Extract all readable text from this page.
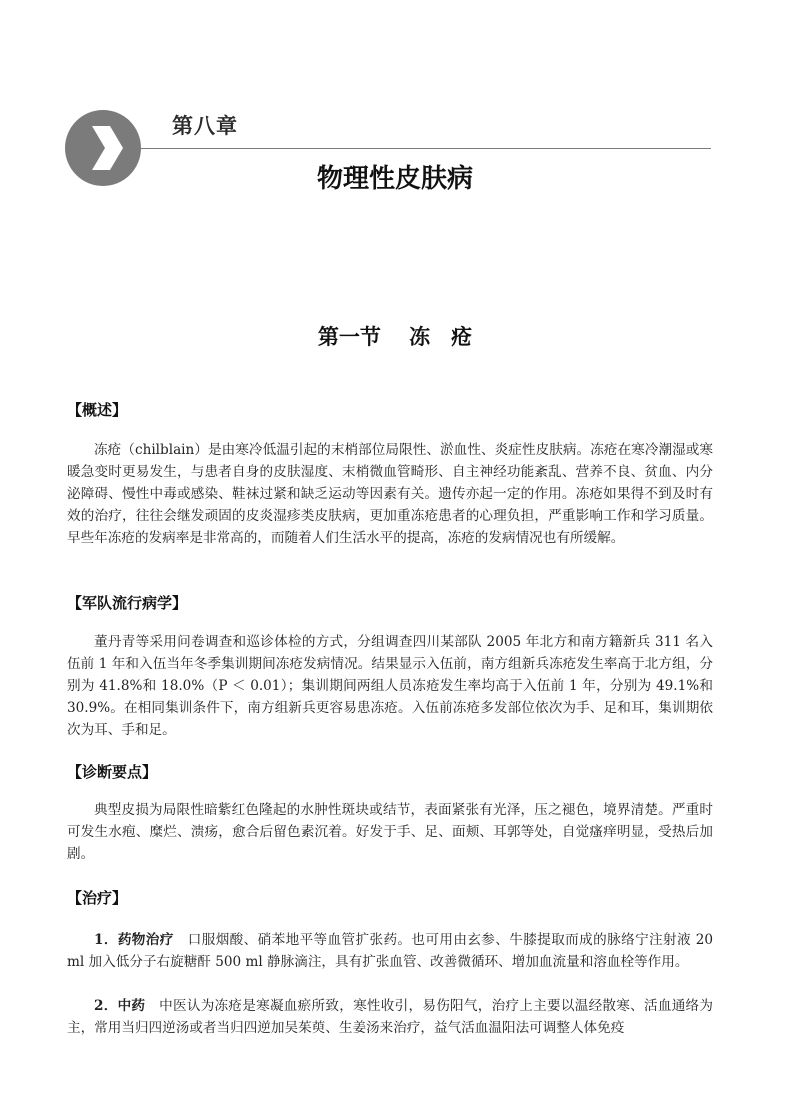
第八章
物理性皮肤病
第一节　 冻　疮
【概述】

冻疮（chilblain）是由寒冷低温引起的末梢部位局限性、淤血性、炎症性皮肤病。冻疮在寒冷潮湿或寒暖急变时更易发生，与患者自身的皮肤湿度、末梢微血管畸形、自主神经功能紊乱、营养不良、贫血、内分泌障碍、慢性中毒或感染、鞋袜过紧和缺乏运动等因素有关。遗传亦起一定的作用。冻疮如果得不到及时有效的治疗，往往会继发顽固的皮炎湿疹类皮肤病，更加重冻疮患者的心理负担，严重影响工作和学习质量。早些年冻疮的发病率是非常高的，而随着人们生活水平的提高，冻疮的发病情况也有所缓解。

【军队流行病学】

董丹青等采用问卷调查和巡诊体检的方式，分组调查四川某部队 2005 年北方和南方籍新兵 311 名入伍前 1 年和入伍当年冬季集训期间冻疮发病情况。结果显示入伍前，南方组新兵冻疮发生率高于北方组，分别为 41.8%和 18.0%（P ＜ 0.01）；集训期间两组人员冻疮发生率均高于入伍前 1 年，分别为 49.1%和 30.9%。在相同集训条件下，南方组新兵更容易患冻疮。入伍前冻疮多发部位依次为手、足和耳，集训期依次为耳、手和足。

【诊断要点】

典型皮损为局限性暗紫红色隆起的水肿性斑块或结节，表面紧张有光泽，压之褪色，境界清楚。严重时可发生水疱、糜烂、溃疡，愈合后留色素沉着。好发于手、足、面颊、耳郭等处，自觉瘙痒明显，受热后加剧。

【治疗】

1．药物治疗　口服烟酸、硝苯地平等血管扩张药。也可用由玄参、牛膝提取而成的脉络宁注射液 20 ml 加入低分子右旋糖酐 500 ml 静脉滴注，具有扩张血管、改善微循环、增加血流量和溶血栓等作用。

2．中药　中医认为冻疮是寒凝血瘀所致，寒性收引，易伤阳气，治疗上主要以温经散寒、活血通络为主，常用当归四逆汤或者当归四逆加吴茱萸、生姜汤来治疗，益气活血温阳法可调整人体免疫
